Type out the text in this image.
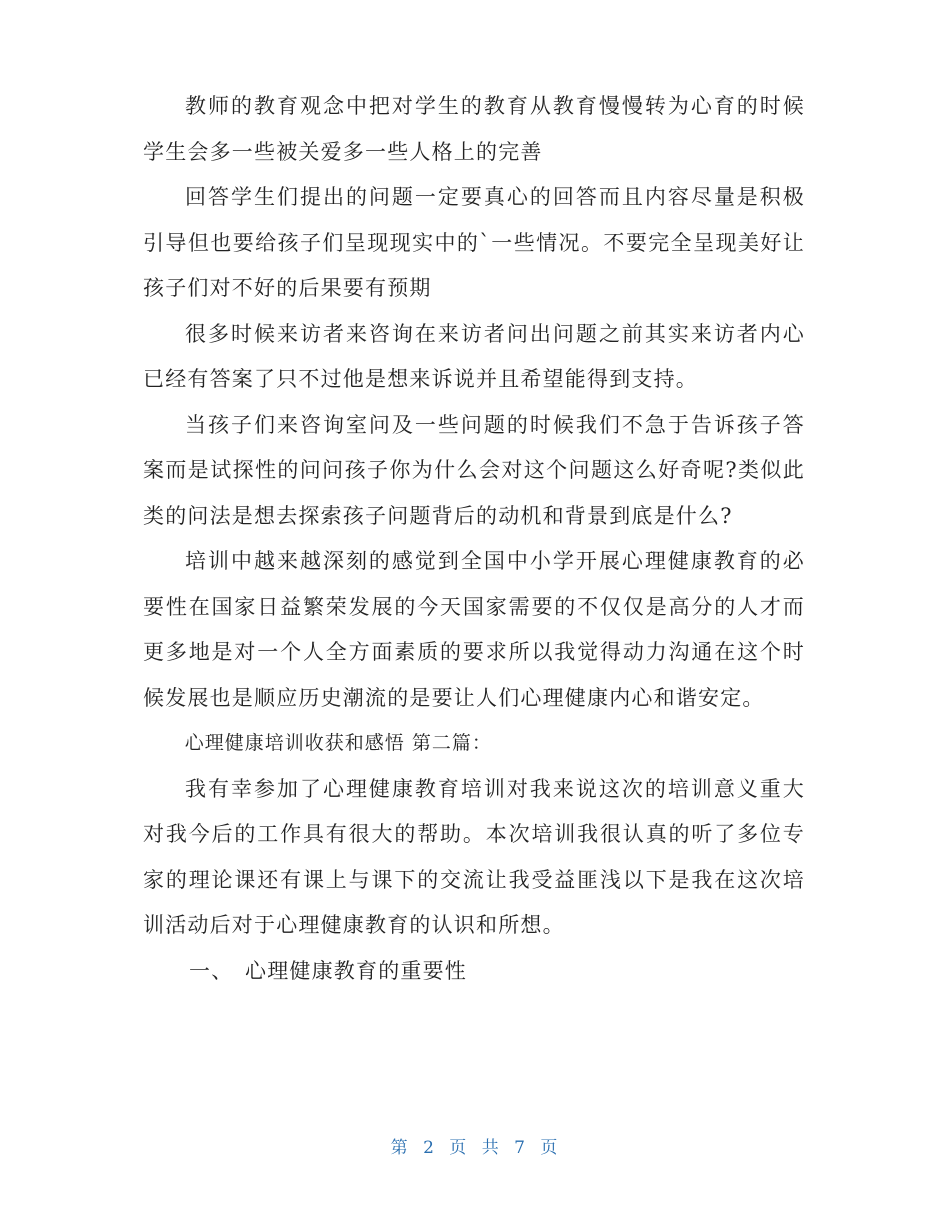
教师的教育观念中把对学生的教育从教育慢慢转为心育的时候学生会多一些被关爱多一些人格上的完善

回答学生们提出的问题一定要真心的回答而且内容尽量是积极引导但也要给孩子们呈现现实中的`一些情况。不要完全呈现美好让孩子们对不好的后果要有预期

很多时候来访者来咨询在来访者问出问题之前其实来访者内心已经有答案了只不过他是想来诉说并且希望能得到支持。

当孩子们来咨询室问及一些问题的时候我们不急于告诉孩子答案而是试探性的问问孩子你为什么会对这个问题这么好奇呢?类似此类的问法是想去探索孩子问题背后的动机和背景到底是什么?

培训中越来越深刻的感觉到全国中小学开展心理健康教育的必要性在国家日益繁荣发展的今天国家需要的不仅仅是高分的人才而更多地是对一个人全方面素质的要求所以我觉得动力沟通在这个时候发展也是顺应历史潮流的是要让人们心理健康内心和谐安定。

心理健康培训收获和感悟 第二篇：

我有幸参加了心理健康教育培训对我来说这次的培训意义重大对我今后的工作具有很大的帮助。本次培训我很认真的听了多位专家的理论课还有课上与课下的交流让我受益匪浅以下是我在这次培训活动后对于心理健康教育的认识和所想。

一、 心理健康教育的重要性

第 2 页 共 7 页
